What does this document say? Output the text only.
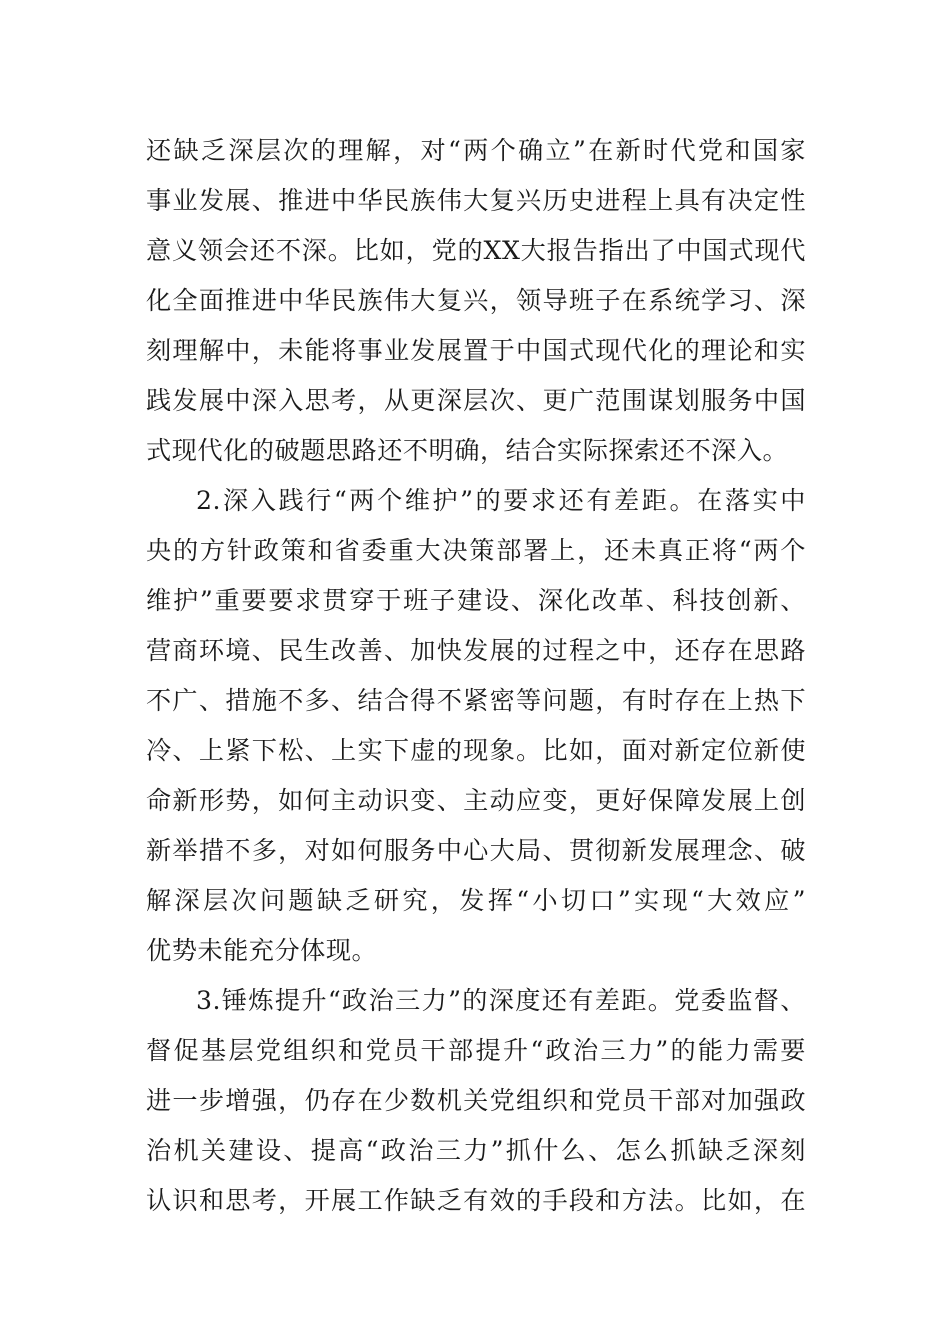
还缺乏深层次的理解，对“两个确立”在新时代党和国家
事业发展、推进中华民族伟大复兴历史进程上具有决定性
意义领会还不深。比如，党的XX大报告指出了中国式现代
化全面推进中华民族伟大复兴，领导班子在系统学习、深
刻理解中，未能将事业发展置于中国式现代化的理论和实
践发展中深入思考，从更深层次、更广范围谋划服务中国
式现代化的破题思路还不明确，结合实际探索还不深入。
2.深入践行“两个维护”的要求还有差距。在落实中
央的方针政策和省委重大决策部署上，还未真正将“两个
维护”重要要求贯穿于班子建设、深化改革、科技创新、
营商环境、民生改善、加快发展的过程之中，还存在思路
不广、措施不多、结合得不紧密等问题，有时存在上热下
冷、上紧下松、上实下虚的现象。比如，面对新定位新使
命新形势，如何主动识变、主动应变，更好保障发展上创
新举措不多，对如何服务中心大局、贯彻新发展理念、破
解深层次问题缺乏研究，发挥“小切口”实现“大效应”
优势未能充分体现。
3.锤炼提升“政治三力”的深度还有差距。党委监督、
督促基层党组织和党员干部提升“政治三力”的能力需要
进一步增强，仍存在少数机关党组织和党员干部对加强政
治机关建设、提高“政治三力”抓什么、怎么抓缺乏深刻
认识和思考，开展工作缺乏有效的手段和方法。比如，在
